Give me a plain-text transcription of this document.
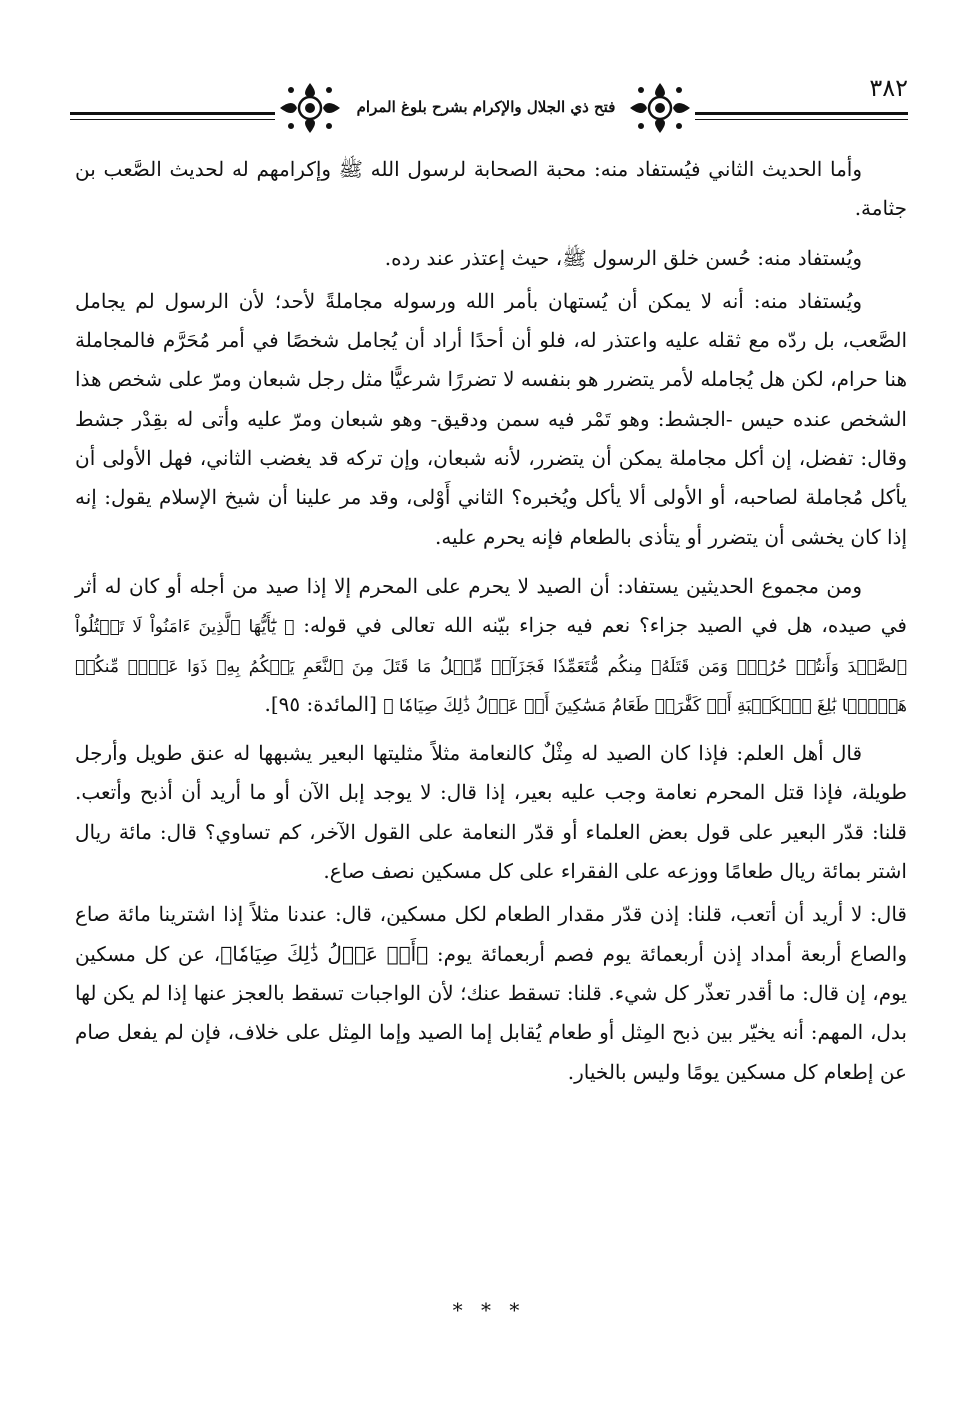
٣٨٢
فتح ذي الجلال والإكرام بشرح بلوغ المرام

وأما الحديث الثاني فيُستفاد منه: محبة الصحابة لرسول الله ﷺ وإكرامهم له لحديث الصَّعب بن جثامة.

ويُستفاد منه: حُسن خلق الرسول ﷺ، حيث إعتذر عند رده.

ويُستفاد منه: أنه لا يمكن أن يُستهان بأمر الله ورسوله مجاملةً لأحد؛ لأن الرسول لم يجامل الصَّعب، بل ردّه مع ثقله عليه واعتذر له، فلو أن أحدًا أراد أن يُجامل شخصًا في أمر مُحَرَّم فالمجاملة هنا حرام، لكن هل يُجامله لأمر يتضرر هو بنفسه لا تضررًا شرعيًّا مثل رجل شبعان ومرّ على شخص هذا الشخص عنده حيس -الجشط: وهو تَمْر فيه سمن ودقيق- وهو شبعان ومرّ عليه وأتى له بقِدْر جشط وقال: تفضل، إن أكل مجاملة يمكن أن يتضرر، لأنه شبعان، وإن تركه قد يغضب الثاني، فهل الأولى أن يأكل مُجاملة لصاحبه، أو الأولى ألا يأكل ويُخبره؟ الثاني أَوْلى، وقد مر علينا أن شيخ الإسلام يقول: إنه إذا كان يخشى أن يتضرر أو يتأذى بالطعام فإنه يحرم عليه.

ومن مجموع الحديثين يستفاد: أن الصيد لا يحرم على المحرم إلا إذا صيد من أجله أو كان له أثر في صيده، هل في الصيد جزاء؟ نعم فيه جزاء بيّنه الله تعالى في قوله: ﴿ يَٰٓأَيُّهَا ٱلَّذِينَ ءَامَنُواْ لَا تَقۡتُلُواْ ٱلصَّيۡدَ وَأَنتُمۡ حُرُمٞۚ وَمَن قَتَلَهُۥ مِنكُم مُّتَعَمِّدٗا فَجَزَآءٞ مِّثۡلُ مَا قَتَلَ مِنَ ٱلنَّعَمِ يَحۡكُمُ بِهِۦ ذَوَا عَدۡلٖ مِّنكُمۡ هَدۡيَۢا بَٰلِغَ ٱلۡكَعۡبَةِ أَوۡ كَفَّٰرَةٞ طَعَامُ مَسَٰكِينَ أَوۡ عَدۡلُ ذَٰلِكَ صِيَامٗا ﴾ [المائدة: ٩٥].

قال أهل العلم: فإذا كان الصيد له مِثْلٌ كالنعامة مثلاً مثليتها البعير يشبهها له عنق طويل وأرجل طويلة، فإذا قتل المحرم نعامة وجب عليه بعير، إذا قال: لا يوجد إبل الآن أو ما أريد أن أذبح وأتعب. قلنا: قدّر البعير على قول بعض العلماء أو قدّر النعامة على القول الآخر، كم تساوي؟ قال: مائة ريال اشتر بمائة ريال طعامًا ووزعه على الفقراء على كل مسكين نصف صاع.

قال: لا أريد أن أتعب، قلنا: إذن قدّر مقدار الطعام لكل مسكين، قال: عندنا مثلاً إذا اشترينا مائة صاع والصاع أربعة أمداد إذن أربعمائة يوم فصم أربعمائة يوم: ﴿أَوۡ عَدۡلُ ذَٰلِكَ صِيَامٗا﴾، عن كل مسكين يوم، إن قال: ما أقدر تعذّر كل شيء. قلنا: تسقط عنك؛ لأن الواجبات تسقط بالعجز عنها إذا لم يكن لها بدل، المهم: أنه يخيّر بين ذبح المِثل أو طعام يُقابل إما الصيد وإما المِثل على خلاف، فإن لم يفعل صام عن إطعام كل مسكين يومًا وليس بالخيار.

* * *
